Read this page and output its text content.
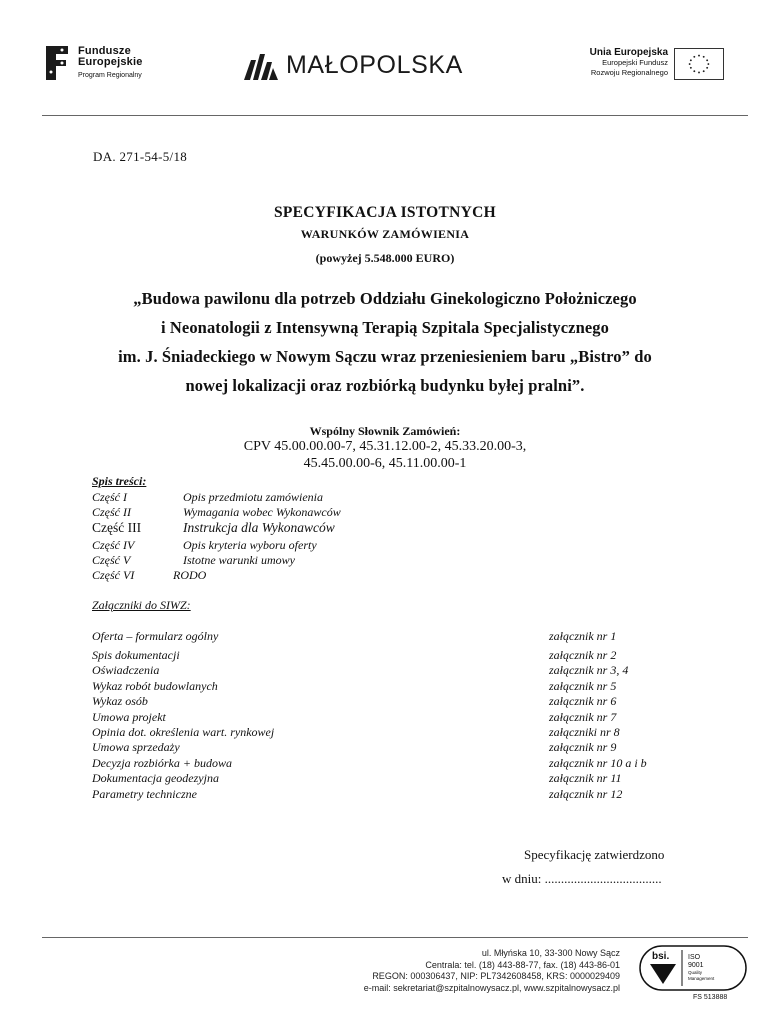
Fundusze
Europejskie
Program Regionalny	MAŁOPOLSKA	Unia Europejska
Europejski Fundusz
Rozwoju Regionalnego
DA. 271-54-5/18
SPECYFIKACJA ISTOTNYCH
WARUNKÓW ZAMÓWIENIA
(powyżej 5.548.000 EURO)
„Budowa pawilonu dla potrzeb Oddziału Ginekologiczno Położniczego
i Neonatologii z Intensywną Terapią Szpitala Specjalistycznego
im. J. Śniadeckiego w Nowym Sączu wraz przeniesieniem baru „Bistro” do
nowej lokalizacji oraz rozbiórką budynku byłej pralni”.
Wspólny Słownik Zamówień:
CPV 45.00.00.00-7, 45.31.12.00-2, 45.33.20.00-3,
45.45.00.00-6, 45.11.00.00-1
Spis treści:
Część I	Opis przedmiotu zamówienia
Część II	Wymagania wobec Wykonawców
Część III	Instrukcja dla Wykonawców
Część IV	Opis kryteria wyboru oferty
Część V	Istotne warunki umowy
Część VI	RODO
Załączniki do SIWZ:
Oferta – formularz ogólny	załącznik nr 1
Spis dokumentacji	załącznik nr 2
Oświadczenia	załącznik nr 3, 4
Wykaz robót budowlanych	załącznik nr 5
Wykaz osób	załącznik nr 6
Umowa projekt	załącznik nr 7
Opinia dot. określenia wart. rynkowej	załączniki nr 8
Umowa sprzedaży	załącznik nr 9
Decyzja rozbiórka + budowa	załącznik nr 10 a i b
Dokumentacja geodezyjna	załącznik nr 11
Parametry techniczne	załącznik nr 12
Specyfikację zatwierdzono
w dniu: ....................................
ul. Młyńska 10, 33-300 Nowy Sącz
Centrala: tel. (18) 443-88-77, fax. (18) 443-86-01
REGON: 000306437, NIP: PL7342608458, KRS: 0000029409
e-mail: sekretariat@szpitalnowysacz.pl, www.szpitalnowysacz.pl
bsi.	ISO
9001
Quality
Management
FS 513888
